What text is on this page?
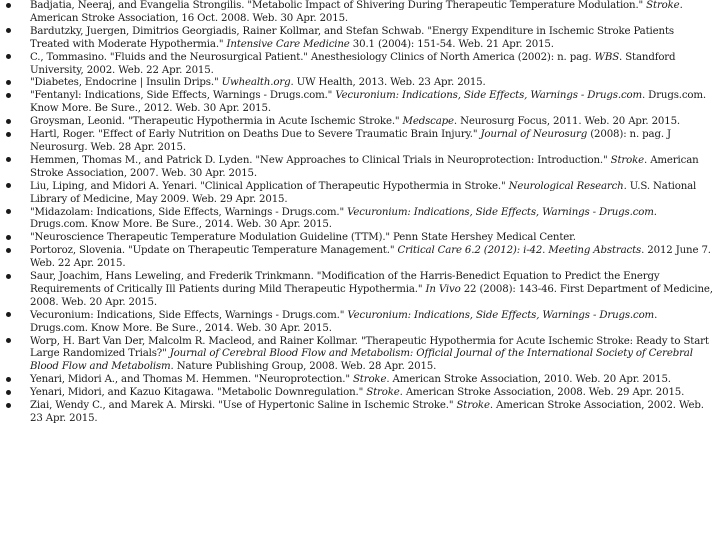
Badjatia, Neeraj, and Evangelia Strongilis. "Metabolic Impact of Shivering During Therapeutic Temperature Modulation." Stroke. American Stroke Association, 16 Oct. 2008. Web. 30 Apr. 2015.
Bardutzky, Juergen, Dimitrios Georgiadis, Rainer Kollmar, and Stefan Schwab. "Energy Expenditure in Ischemic Stroke Patients Treated with Moderate Hypothermia." Intensive Care Medicine 30.1 (2004): 151-54. Web. 21 Apr. 2015.
C., Tommasino. "Fluids and the Neurosurgical Patient." Anesthesiology Clinics of North America (2002): n. pag. WBS. Standford University, 2002. Web. 22 Apr. 2015.
"Diabetes, Endocrine | Insulin Drips." Uwhealth.org. UW Health, 2013. Web. 23 Apr. 2015.
"Fentanyl: Indications, Side Effects, Warnings - Drugs.com." Vecuronium: Indications, Side Effects, Warnings - Drugs.com. Drugs.com. Know More. Be Sure., 2012. Web. 30 Apr. 2015.
Groysman, Leonid. "Therapeutic Hypothermia in Acute Ischemic Stroke." Medscape. Neurosurg Focus, 2011. Web. 20 Apr. 2015.
Hartl, Roger. "Effect of Early Nutrition on Deaths Due to Severe Traumatic Brain Injury." Journal of Neurosurg (2008): n. pag. J Neurosurg. Web. 28 Apr. 2015.
Hemmen, Thomas M., and Patrick D. Lyden. "New Approaches to Clinical Trials in Neuroprotection: Introduction." Stroke. American Stroke Association, 2007. Web. 30 Apr. 2015.
Liu, Liping, and Midori A. Yenari. "Clinical Application of Therapeutic Hypothermia in Stroke." Neurological Research. U.S. National Library of Medicine, May 2009. Web. 29 Apr. 2015.
"Midazolam: Indications, Side Effects, Warnings - Drugs.com." Vecuronium: Indications, Side Effects, Warnings - Drugs.com. Drugs.com. Know More. Be Sure., 2014. Web. 30 Apr. 2015.
"Neuroscience Therapeutic Temperature Modulation Guideline (TTM)." Penn State Hershey Medical Center.
Portoroz, Slovenia. "Update on Therapeutic Temperature Management." Critical Care 6.2 (2012): i-42. Meeting Abstracts. 2012 June 7. Web. 22 Apr. 2015.
Saur, Joachim, Hans Leweling, and Frederik Trinkmann. "Modification of the Harris-Benedict Equation to Predict the Energy Requirements of Critically Ill Patients during Mild Therapeutic Hypothermia." In Vivo 22 (2008): 143-46. First Department of Medicine, 2008. Web. 20 Apr. 2015.
Vecuronium: Indications, Side Effects, Warnings - Drugs.com." Vecuronium: Indications, Side Effects, Warnings - Drugs.com. Drugs.com. Know More. Be Sure., 2014. Web. 30 Apr. 2015.
Worp, H. Bart Van Der, Malcolm R. Macleod, and Rainer Kollmar. "Therapeutic Hypothermia for Acute Ischemic Stroke: Ready to Start Large Randomized Trials?" Journal of Cerebral Blood Flow and Metabolism: Official Journal of the International Society of Cerebral Blood Flow and Metabolism. Nature Publishing Group, 2008. Web. 28 Apr. 2015.
Yenari, Midori A., and Thomas M. Hemmen. "Neuroprotection." Stroke. American Stroke Association, 2010. Web. 20 Apr. 2015.
Yenari, Midori, and Kazuo Kitagawa. "Metabolic Downregulation." Stroke. American Stroke Association, 2008. Web. 29 Apr. 2015.
Ziai, Wendy C., and Marek A. Mirski. "Use of Hypertonic Saline in Ischemic Stroke." Stroke. American Stroke Association, 2002. Web. 23 Apr. 2015.
